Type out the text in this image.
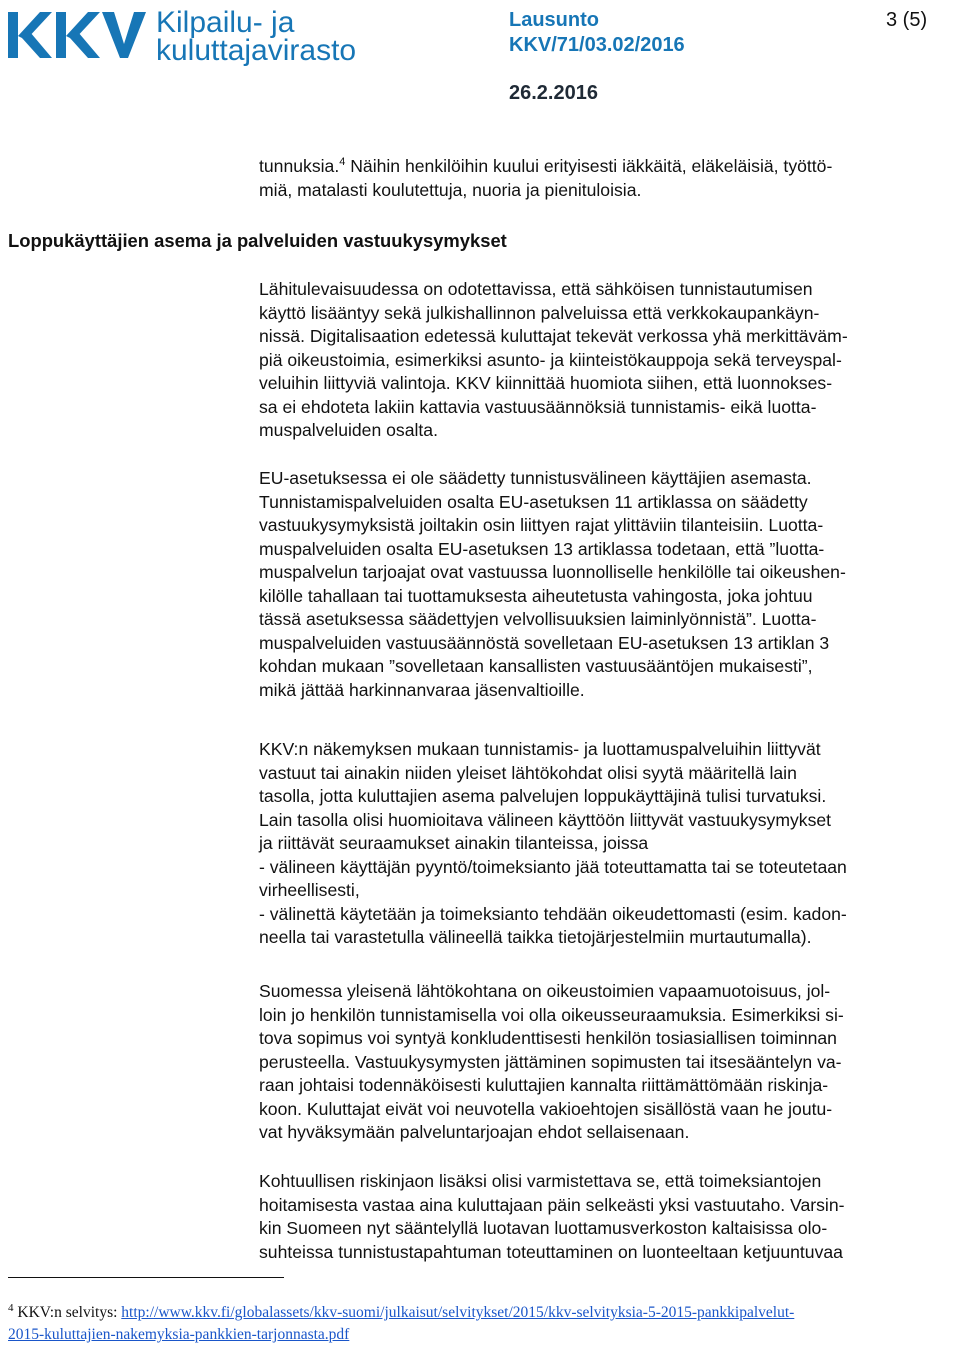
Kilpailu- ja
kuluttajavirasto
Lausunto	3 (5)
KKV/71/03.02/2016
26.2.2016
tunnuksia.$^4$ Näihin henkilöihin kuului erityisesti iäkkäitä, eläkeläisiä, työttö-
miä, matalasti koulutettuja, nuoria ja pienituloisia.
Loppukäyttäjien asema ja palveluiden vastuukysymykset
Lähitulevaisuudessa on odotettavissa, että sähköisen tunnistautumisen
käyttö lisääntyy sekä julkishallinnon palveluissa että verkkokaupankäyn-
nissä. Digitalisaation edetessä kuluttajat tekevät verkossa yhä merkittäväm-
piä oikeustoimia, esimerkiksi asunto- ja kiinteistökauppoja sekä terveyspal-
veluihin liittyviä valintoja. KKV kiinnittää huomiota siihen, että luonnokses-
sa ei ehdoteta lakiin kattavia vastuusäännöksiä tunnistamis- eikä luotta-
muspalveluiden osalta.
EU-asetuksessa ei ole säädetty tunnistusvälineen käyttäjien asemasta.
Tunnistamispalveluiden osalta EU-asetuksen 11 artiklassa on säädetty
vastuukysymyksistä joiltakin osin liittyen rajat ylittäviin tilanteisiin. Luotta-
muspalveluiden osalta EU-asetuksen 13 artiklassa todetaan, että ”luotta-
muspalvelun tarjoajat ovat vastuussa luonnolliselle henkilölle tai oikeushen-
kilölle tahallaan tai tuottamuksesta aiheutetusta vahingosta, joka johtuu
tässä asetuksessa säädettyjen velvollisuuksien laiminlyönnistä”. Luotta-
muspalveluiden vastuusäännöstä sovelletaan EU-asetuksen 13 artiklan 3
kohdan mukaan ”sovelletaan kansallisten vastuusääntöjen mukaisesti”,
mikä jättää harkinnanvaraa jäsenvaltioille.
KKV:n näkemyksen mukaan tunnistamis- ja luottamuspalveluihin liittyvät
vastuut tai ainakin niiden yleiset lähtökohdat olisi syytä määritellä lain
tasolla, jotta kuluttajien asema palvelujen loppukäyttäjinä tulisi turvatuksi.
Lain tasolla olisi huomioitava välineen käyttöön liittyvät vastuukysymykset
ja riittävät seuraamukset ainakin tilanteissa, joissa
- välineen käyttäjän pyyntö/toimeksianto jää toteuttamatta tai se toteutetaan
virheellisesti,
- välinettä käytetään ja toimeksianto tehdään oikeudettomasti (esim. kadon-
neella tai varastetulla välineellä taikka tietojärjestelmiin murtautumalla).
Suomessa yleisenä lähtökohtana on oikeustoimien vapaamuotoisuus, jol-
loin jo henkilön tunnistamisella voi olla oikeusseuraamuksia. Esimerkiksi si-
tova sopimus voi syntyä konkludenttisesti henkilön tosiasiallisen toiminnan
perusteella. Vastuukysymysten jättäminen sopimusten tai itsesääntelyn va-
raan johtaisi todennäköisesti kuluttajien kannalta riittämättömään riskinja-
koon. Kuluttajat eivät voi neuvotella vakioehtojen sisällöstä vaan he joutu-
vat hyväksymään palveluntarjoajan ehdot sellaisenaan.
Kohtuullisen riskinjaon lisäksi olisi varmistettava se, että toimeksiantojen
hoitamisesta vastaa aina kuluttajaan päin selkeästi yksi vastuutaho. Varsin-
kin Suomeen nyt sääntelyllä luotavan luottamusverkoston kaltaisissa olo-
suhteissa tunnistustapahtuman toteuttaminen on luonteeltaan ketjuuntuvaa
$^4$ KKV:n selvitys: http://www.kkv.fi/globalassets/kkv-suomi/julkaisut/selvitykset/2015/kkv-selvityksia-5-2015-pankkipalvelut-
2015-kuluttajien-nakemyksia-pankkien-tarjonnasta.pdf
